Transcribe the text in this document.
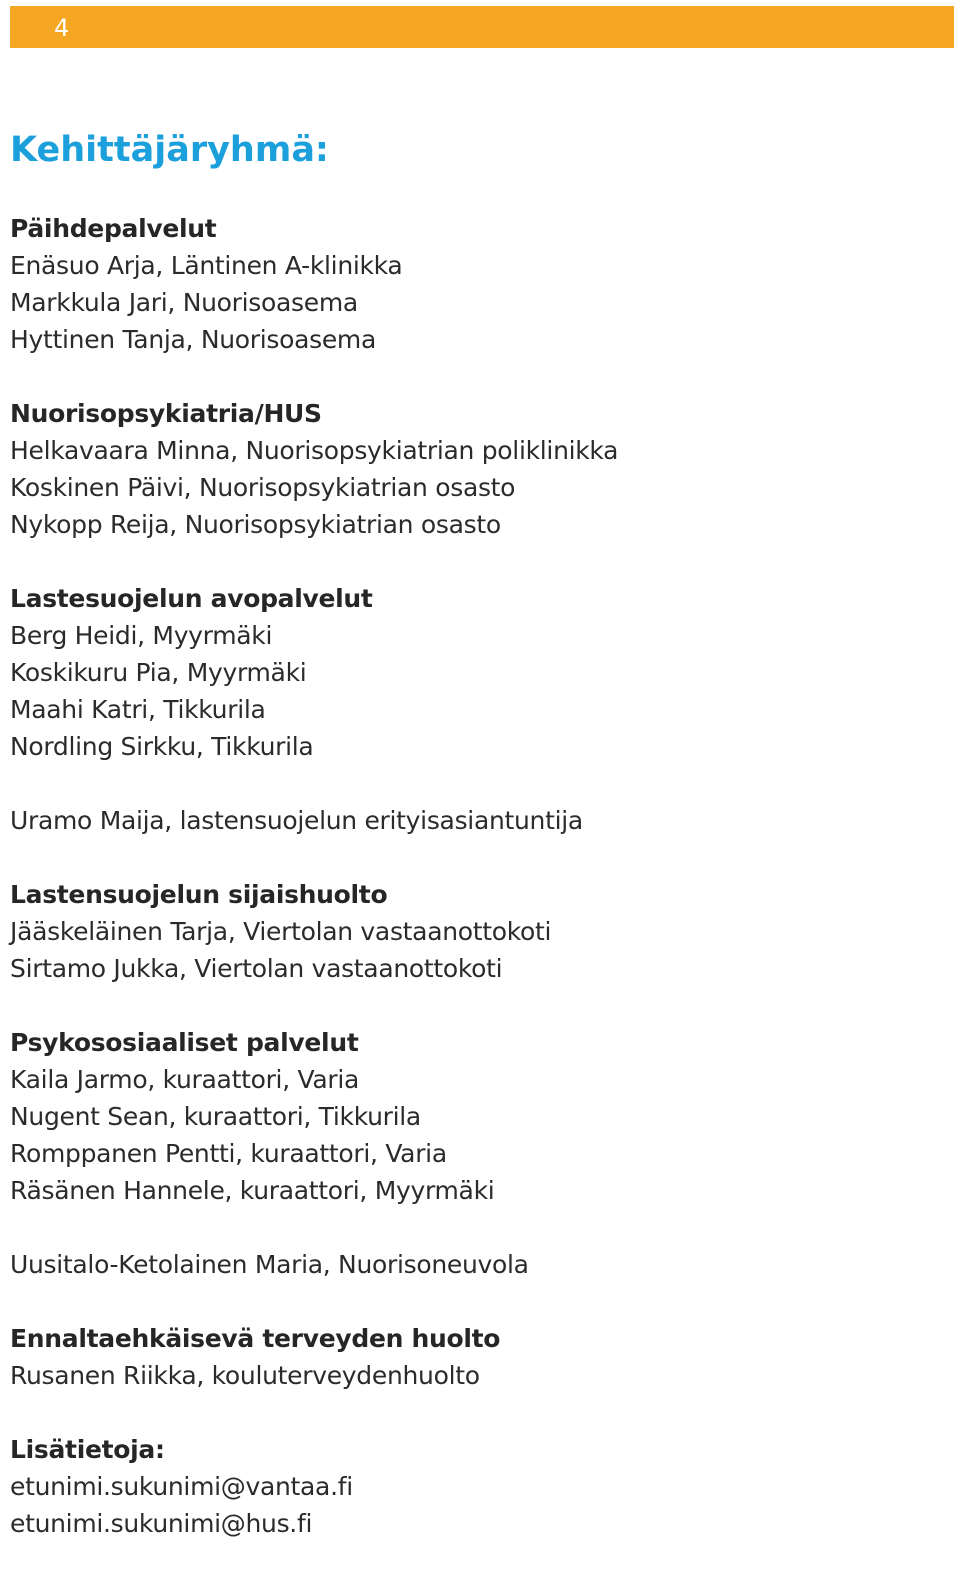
4
Kehittäjäryhmä:
Päihdepalvelut
Enäsuo Arja, Läntinen A-klinikka
Markkula Jari, Nuorisoasema
Hyttinen Tanja, Nuorisoasema
Nuorisopsykiatria/HUS
Helkavaara Minna, Nuorisopsykiatrian poliklinikka
Koskinen Päivi, Nuorisopsykiatrian osasto
Nykopp Reija, Nuorisopsykiatrian osasto
Lastesuojelun avopalvelut
Berg Heidi, Myyrmäki
Koskikuru Pia, Myyrmäki
Maahi Katri, Tikkurila
Nordling Sirkku, Tikkurila
Uramo Maija, lastensuojelun erityisasiantuntija
Lastensuojelun sijaishuolto
Jääskeläinen Tarja, Viertolan vastaanottokoti
Sirtamo Jukka, Viertolan vastaanottokoti
Psykososiaaliset palvelut
Kaila Jarmo, kuraattori, Varia
Nugent Sean, kuraattori, Tikkurila
Romppanen Pentti, kuraattori, Varia
Räsänen Hannele, kuraattori, Myyrmäki
Uusitalo-Ketolainen Maria, Nuorisoneuvola
Ennaltaehkäisevä terveyden huolto
Rusanen Riikka, kouluterveydenhuolto
Lisätietoja:
etunimi.sukunimi@vantaa.fi
etunimi.sukunimi@hus.fi
